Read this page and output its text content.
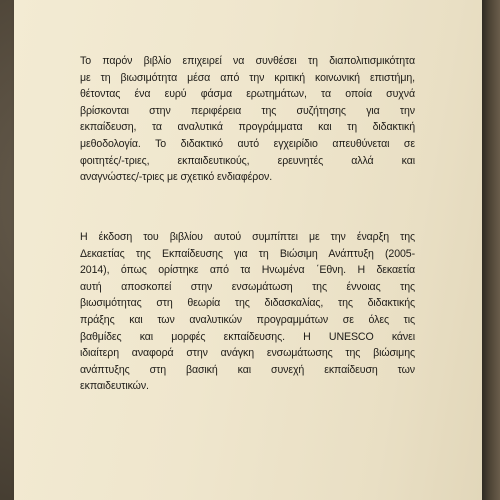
Το παρόν βιβλίο επιχειρεί να συνθέσει τη διαπολιτισμικότητα
με τη βιωσιμότητα μέσα από την κριτική κοινωνική επιστήμη,
θέτοντας ένα ευρύ φάσμα ερωτημάτων, τα οποία συχνά
βρίσκονται στην περιφέρεια της συζήτησης για την
εκπαίδευση, τα αναλυτικά προγράμματα και τη διδακτική
μεθοδολογία. Το διδακτικό αυτό εγχειρίδιο απευθύνεται σε
φοιτητές/-τριες, εκπαιδευτικούς, ερευνητές αλλά και
αναγνώστες/-τριες με σχετικό ενδιαφέρον.
Η έκδοση του βιβλίου αυτού συμπίπτει με την έναρξη της
Δεκαετίας της Εκπαίδευσης για τη Βιώσιμη Ανάπτυξη (2005-
2014), όπως ορίστηκε από τα Ηνωμένα ΄Εθνη. Η δεκαετία
αυτή αποσκοπεί στην ενσωμάτωση της έννοιας της
βιωσιμότητας στη θεωρία της διδασκαλίας, της διδακτικής
πράξης και των αναλυτικών προγραμμάτων σε όλες τις
βαθμίδες και μορφές εκπαίδευσης. Η UNESCO κάνει
ιδιαίτερη αναφορά στην ανάγκη ενσωμάτωσης της βιώσιμης
ανάπτυξης στη βασική και συνεχή εκπαίδευση των
εκπαιδευτικών.
